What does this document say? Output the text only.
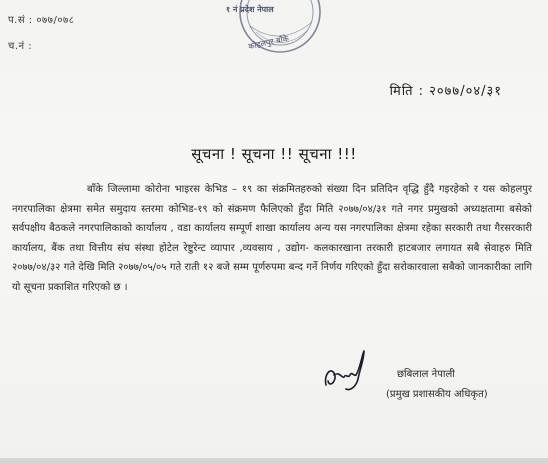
प.सं : ०७७/०७८
च.नं :
१ नं प्रदेश नेपाल
कोहलपुर बाँके
मिति : २०७७/०४/३१
सूचना ! सूचना !! सूचना !!!
बाँके जिल्लामा कोरोना भाइरस केभिड – १९ का संक्रमितहरुको संख्या दिन प्रतिदिन वृद्धि हुँदै गइरहेको र यस कोहलपुर नगरपालिका क्षेत्रमा समेत समुदाय स्तरमा कोभिड-१९ को संक्रमण फैलिएको हुँदा मिति २०७७/०४/३१ गते नगर प्रमुखको अध्यक्षतामा बसेको सर्वपक्षीय बैठकले नगरपालिकाको कार्यालय , वडा कार्यालय सम्पूर्ण शाखा कार्यालय अन्य यस नगरपालिका क्षेत्रमा रहेका सरकारी तथा गैरसरकारी कार्यालय, बैंक तथा वित्तीय संघ संस्था होटेल रेष्टुरेन्ट व्यापार ,व्यवसाय , उद्योग- कलकारखाना तरकारी हाटबजार लगायत सबै सेवाहरु मिति २०७७/०४/३२ गते देखि मिति २०७७/०५/०५ गते राती १२ बजे सम्म पूर्णरुपमा बन्द गर्ने निर्णय गरिएको हुँदा सरोकारवाला सबैको जानकारीका लागि यो सूचना प्रकाशित गरिएको छ ।
छबिलाल नेपाली
(प्रमुख प्रशासकीय अधिकृत)
